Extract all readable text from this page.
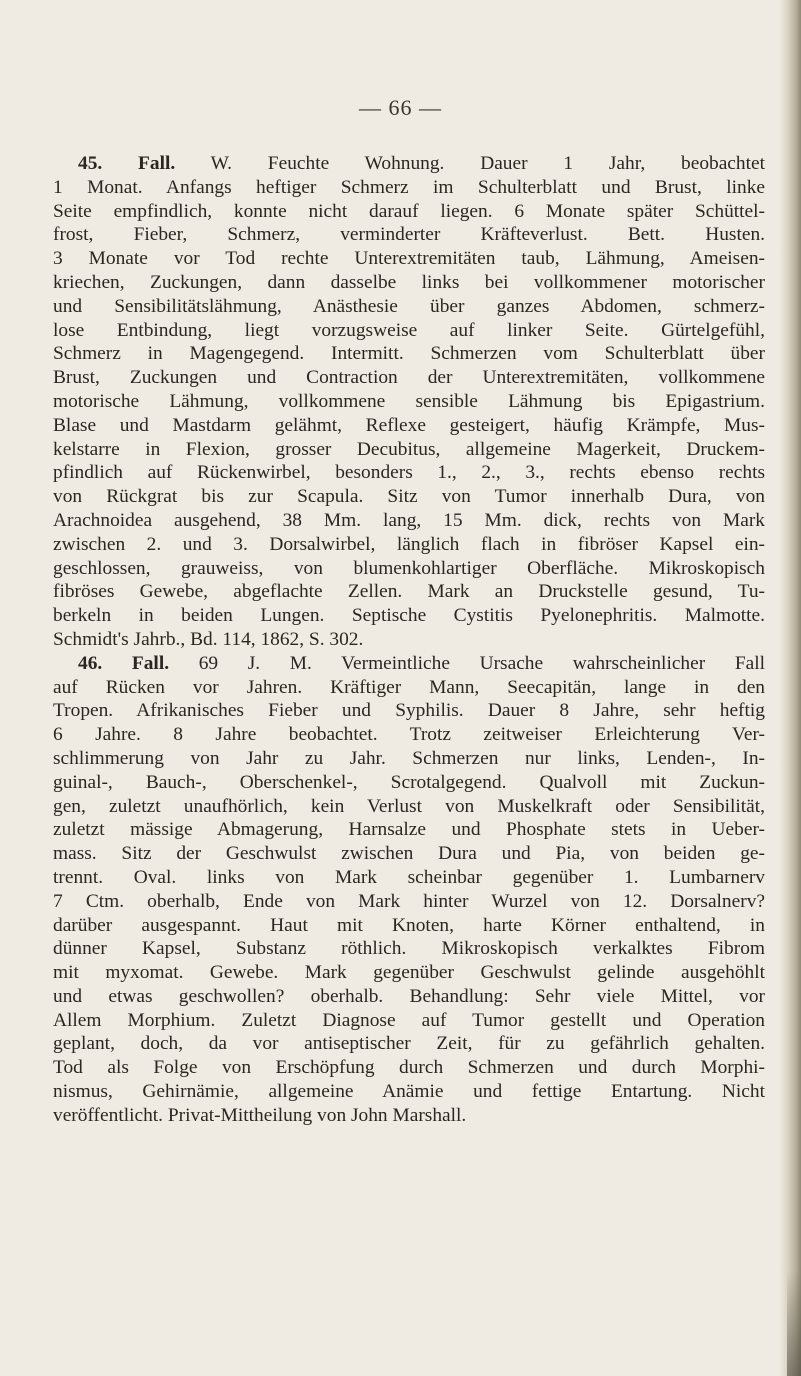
— 66 —
45. Fall. W. Feuchte Wohnung. Dauer 1 Jahr, beobachtet
1 Monat. Anfangs heftiger Schmerz im Schulterblatt und Brust, linke
Seite empfindlich, konnte nicht darauf liegen. 6 Monate später Schüttel-
frost, Fieber, Schmerz, verminderter Kräfteverlust. Bett. Husten.
3 Monate vor Tod rechte Unterextremitäten taub, Lähmung, Ameisen-
kriechen, Zuckungen, dann dasselbe links bei vollkommener motorischer
und Sensibilitätslähmung, Anästhesie über ganzes Abdomen, schmerz-
lose Entbindung, liegt vorzugsweise auf linker Seite. Gürtelgefühl,
Schmerz in Magengegend. Intermitt. Schmerzen vom Schulterblatt über
Brust, Zuckungen und Contraction der Unterextremitäten, vollkommene
motorische Lähmung, vollkommene sensible Lähmung bis Epigastrium.
Blase und Mastdarm gelähmt, Reflexe gesteigert, häufig Krämpfe, Mus-
kelstarre in Flexion, grosser Decubitus, allgemeine Magerkeit, Druckem-
pfindlich auf Rückenwirbel, besonders 1., 2., 3., rechts ebenso rechts
von Rückgrat bis zur Scapula. Sitz von Tumor innerhalb Dura, von
Arachnoidea ausgehend, 38 Mm. lang, 15 Mm. dick, rechts von Mark
zwischen 2. und 3. Dorsalwirbel, länglich flach in fibröser Kapsel ein-
geschlossen, grauweiss, von blumenkohlartiger Oberfläche. Mikroskopisch
fibröses Gewebe, abgeflachte Zellen. Mark an Druckstelle gesund, Tu-
berkeln in beiden Lungen. Septische Cystitis Pyelonephritis. Malmotte.
Schmidt's Jahrb., Bd. 114, 1862, S. 302.
46. Fall. 69 J. M. Vermeintliche Ursache wahrscheinlicher Fall
auf Rücken vor Jahren. Kräftiger Mann, Seecapitän, lange in den
Tropen. Afrikanisches Fieber und Syphilis. Dauer 8 Jahre, sehr heftig
6 Jahre. 8 Jahre beobachtet. Trotz zeitweiser Erleichterung Ver-
schlimmerung von Jahr zu Jahr. Schmerzen nur links, Lenden-, In-
guinal-, Bauch-, Oberschenkel-, Scrotalgegend. Qualvoll mit Zuckun-
gen, zuletzt unaufhörlich, kein Verlust von Muskelkraft oder Sensibilität,
zuletzt mässige Abmagerung, Harnsalze und Phosphate stets in Ueber-
mass. Sitz der Geschwulst zwischen Dura und Pia, von beiden ge-
trennt. Oval. links von Mark scheinbar gegenüber 1. Lumbarnerv
7 Ctm. oberhalb, Ende von Mark hinter Wurzel von 12. Dorsalnerv?
darüber ausgespannt. Haut mit Knoten, harte Körner enthaltend, in
dünner Kapsel, Substanz röthlich. Mikroskopisch verkalktes Fibrom
mit myxomat. Gewebe. Mark gegenüber Geschwulst gelinde ausgehöhlt
und etwas geschwollen? oberhalb. Behandlung: Sehr viele Mittel, vor
Allem Morphium. Zuletzt Diagnose auf Tumor gestellt und Operation
geplant, doch, da vor antiseptischer Zeit, für zu gefährlich gehalten.
Tod als Folge von Erschöpfung durch Schmerzen und durch Morphi-
nismus, Gehirnämie, allgemeine Anämie und fettige Entartung. Nicht
veröffentlicht. Privat-Mittheilung von John Marshall.
